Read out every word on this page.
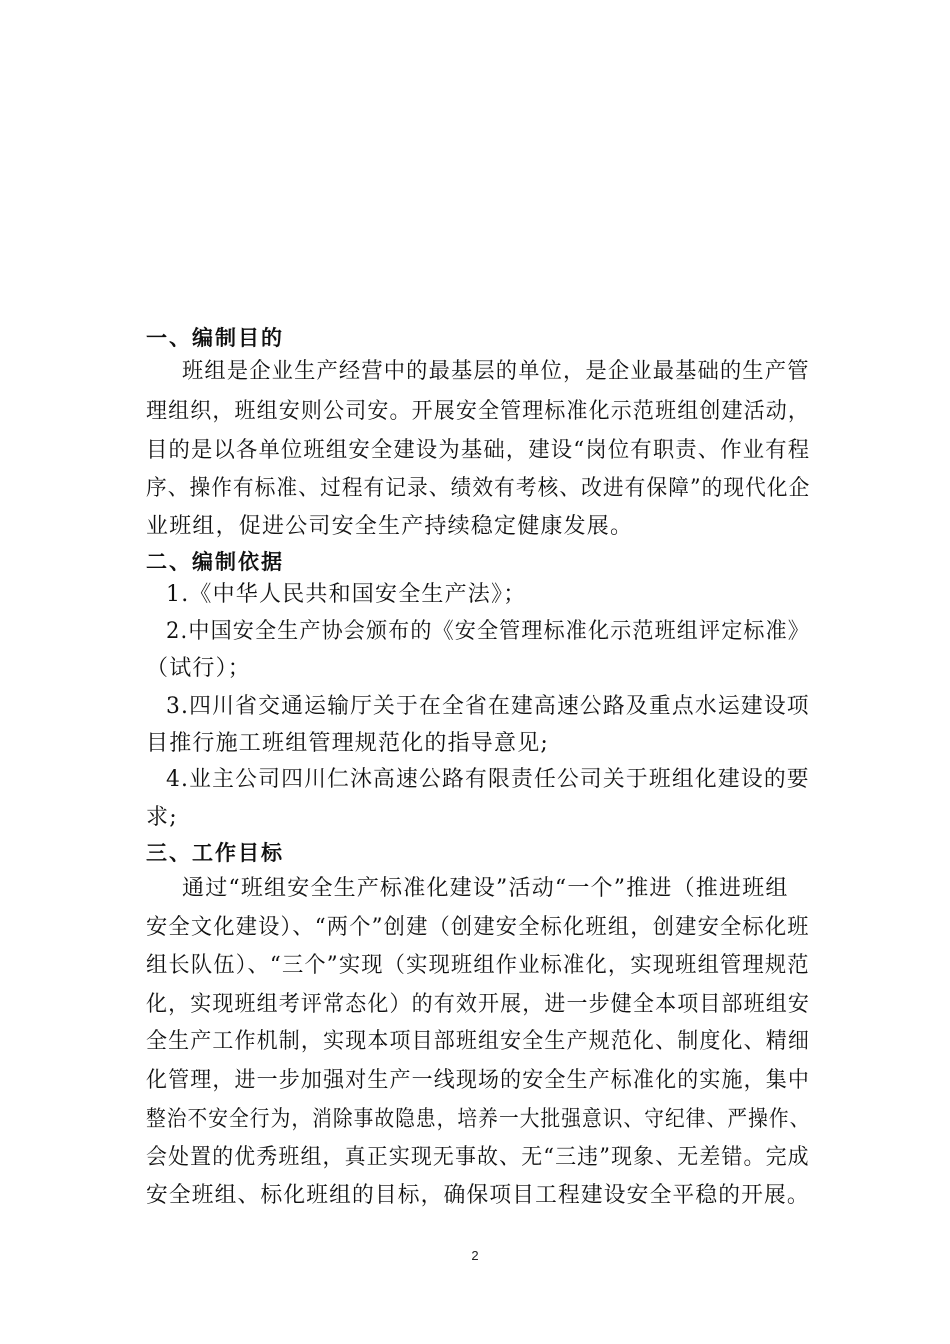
一、编制目的
班组是企业生产经营中的最基层的单位，是企业最基础的生产管
理组织，班组安则公司安。开展安全管理标准化示范班组创建活动，
目的是以各单位班组安全建设为基础，建设“岗位有职责、作业有程
序、操作有标准、过程有记录、绩效有考核、改进有保障”的现代化企
业班组，促进公司安全生产持续稳定健康发展。
二、编制依据
1.《中华人民共和国安全生产法》；
2.中国安全生产协会颁布的《安全管理标准化示范班组评定标准》
（试行）；
3.四川省交通运输厅关于在全省在建高速公路及重点水运建设项
目推行施工班组管理规范化的指导意见;
4.业主公司四川仁沐高速公路有限责任公司关于班组化建设的要
求;
三、工作目标
通过“班组安全生产标准化建设”活动“一个”推进（推进班组
安全文化建设）、“两个”创建（创建安全标化班组，创建安全标化班
组长队伍）、“三个”实现（实现班组作业标准化，实现班组管理规范
化，实现班组考评常态化）的有效开展，进一步健全本项目部班组安
全生产工作机制，实现本项目部班组安全生产规范化、制度化、精细
化管理，进一步加强对生产一线现场的安全生产标准化的实施，集中
整治不安全行为，消除事故隐患，培养一大批强意识、守纪律、严操作、
会处置的优秀班组，真正实现无事故、无“三违”现象、无差错。完成
安全班组、标化班组的目标，确保项目工程建设安全平稳的开展。
2
